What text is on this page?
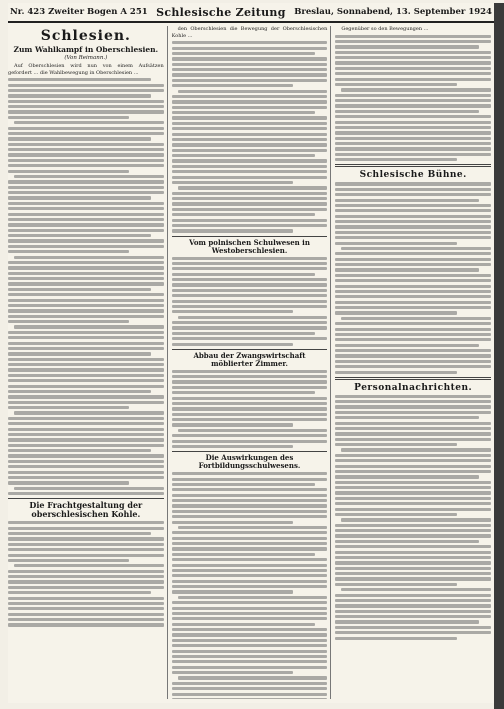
Nr. 423 Zweiter Bogen A 251 Schlesische Zeitung Breslau, Sonnabend, 13. September 1924
Schlesien.
Zum Wahlkampf in Oberschlesien.
(Von Reimann.)

Auf Oberschlesien wird nun von einem Aufsätzen gefordert ... die Wahlbewegung in Oberschlesien ...

Die Frachtgestaltung der oberschlesischen Kohle.

den Oberschlesien die Bewegung der Oberschlesischen Kohle ...

Vom polnischen Schulwesen in Westoberschlesien.
Abbau der Zwangswirtschaft möblierter Zimmer.
Die Auswirkungen des Fortbildungsschulwesens.

Gegenüber so den Bewegungen ...

Schlesische Bühne.
Personalnachrichten.
